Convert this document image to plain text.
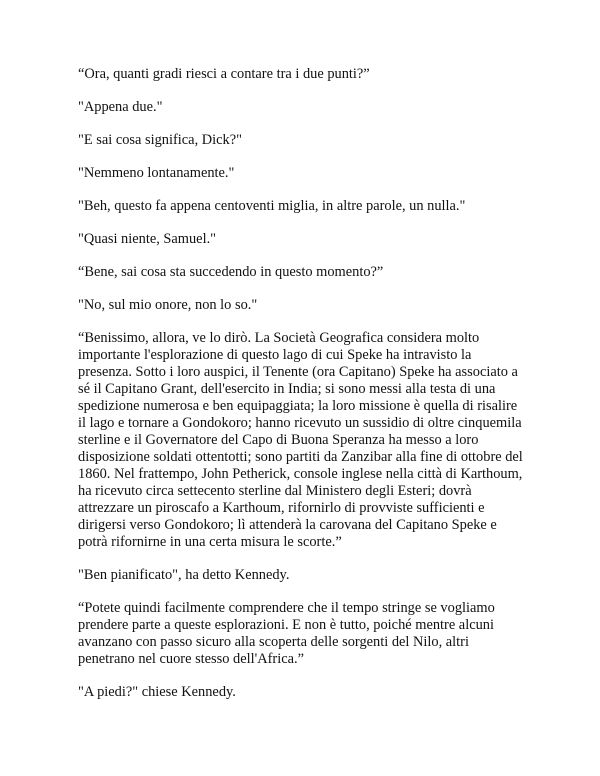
“Ora, quanti gradi riesci a contare tra i due punti?”

"Appena due."

"E sai cosa significa, Dick?"

"Nemmeno lontanamente."

"Beh, questo fa appena centoventi miglia, in altre parole, un nulla."

"Quasi niente, Samuel."

“Bene, sai cosa sta succedendo in questo momento?”

"No, sul mio onore, non lo so."

“Benissimo, allora, ve lo dirò. La Società Geografica considera molto importante l'esplorazione di questo lago di cui Speke ha intravisto la presenza. Sotto i loro auspici, il Tenente (ora Capitano) Speke ha associato a sé il Capitano Grant, dell'esercito in India; si sono messi alla testa di una spedizione numerosa e ben equipaggiata; la loro missione è quella di risalire il lago e tornare a Gondokoro; hanno ricevuto un sussidio di oltre cinquemila sterline e il Governatore del Capo di Buona Speranza ha messo a loro disposizione soldati ottentotti; sono partiti da Zanzibar alla fine di ottobre del 1860. Nel frattempo, John Petherick, console inglese nella città di Karthoum, ha ricevuto circa settecento sterline dal Ministero degli Esteri; dovrà attrezzare un piroscafo a Karthoum, rifornirlo di provviste sufficienti e dirigersi verso Gondokoro; lì attenderà la carovana del Capitano Speke e potrà rifornirne in una certa misura le scorte.”

"Ben pianificato", ha detto Kennedy.

“Potete quindi facilmente comprendere che il tempo stringe se vogliamo prendere parte a queste esplorazioni. E non è tutto, poiché mentre alcuni avanzano con passo sicuro alla scoperta delle sorgenti del Nilo, altri penetrano nel cuore stesso dell'Africa.”

"A piedi?" chiese Kennedy.
